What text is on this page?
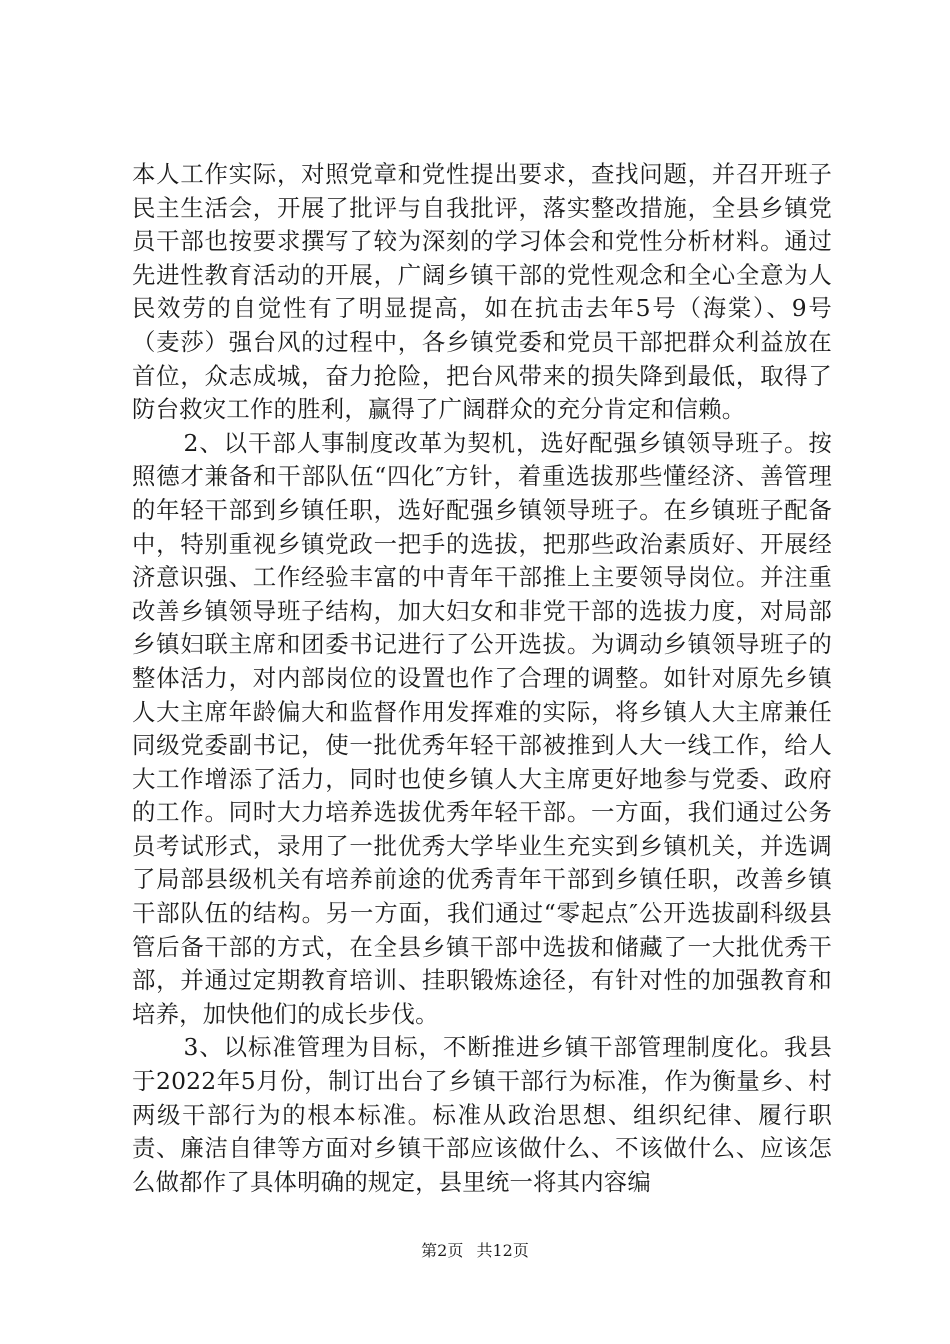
本人工作实际，对照党章和党性提出要求，查找问题，并召开班子民主生活会，开展了批评与自我批评，落实整改措施，全县乡镇党员干部也按要求撰写了较为深刻的学习体会和党性分析材料。通过先进性教育活动的开展，广阔乡镇干部的党性观念和全心全意为人民效劳的自觉性有了明显提高，如在抗击去年5号（海棠）、9号（麦莎）强台风的过程中，各乡镇党委和党员干部把群众利益放在首位，众志成城，奋力抢险，把台风带来的损失降到最低，取得了防台救灾工作的胜利，赢得了广阔群众的充分肯定和信赖。

2、以干部人事制度改革为契机，选好配强乡镇领导班子。按照德才兼备和干部队伍“四化″方针，着重选拔那些懂经济、善管理的年轻干部到乡镇任职，选好配强乡镇领导班子。在乡镇班子配备中，特别重视乡镇党政一把手的选拔，把那些政治素质好、开展经济意识强、工作经验丰富的中青年干部推上主要领导岗位。并注重改善乡镇领导班子结构，加大妇女和非党干部的选拔力度，对局部乡镇妇联主席和团委书记进行了公开选拔。为调动乡镇领导班子的整体活力，对内部岗位的设置也作了合理的调整。如针对原先乡镇人大主席年龄偏大和监督作用发挥难的实际，将乡镇人大主席兼任同级党委副书记，使一批优秀年轻干部被推到人大一线工作，给人大工作增添了活力，同时也使乡镇人大主席更好地参与党委、政府的工作。同时大力培养选拔优秀年轻干部。一方面，我们通过公务员考试形式，录用了一批优秀大学毕业生充实到乡镇机关，并选调了局部县级机关有培养前途的优秀青年干部到乡镇任职，改善乡镇干部队伍的结构。另一方面，我们通过“零起点″公开选拔副科级县管后备干部的方式，在全县乡镇干部中选拔和储藏了一大批优秀干部，并通过定期教育培训、挂职锻炼途径，有针对性的加强教育和培养，加快他们的成长步伐。

3、以标准管理为目标，不断推进乡镇干部管理制度化。我县于2022年5月份，制订出台了乡镇干部行为标准，作为衡量乡、村两级干部行为的根本标准。标准从政治思想、组织纪律、履行职责、廉洁自律等方面对乡镇干部应该做什么、不该做什么、应该怎么做都作了具体明确的规定，县里统一将其内容编

第2页 共12页
